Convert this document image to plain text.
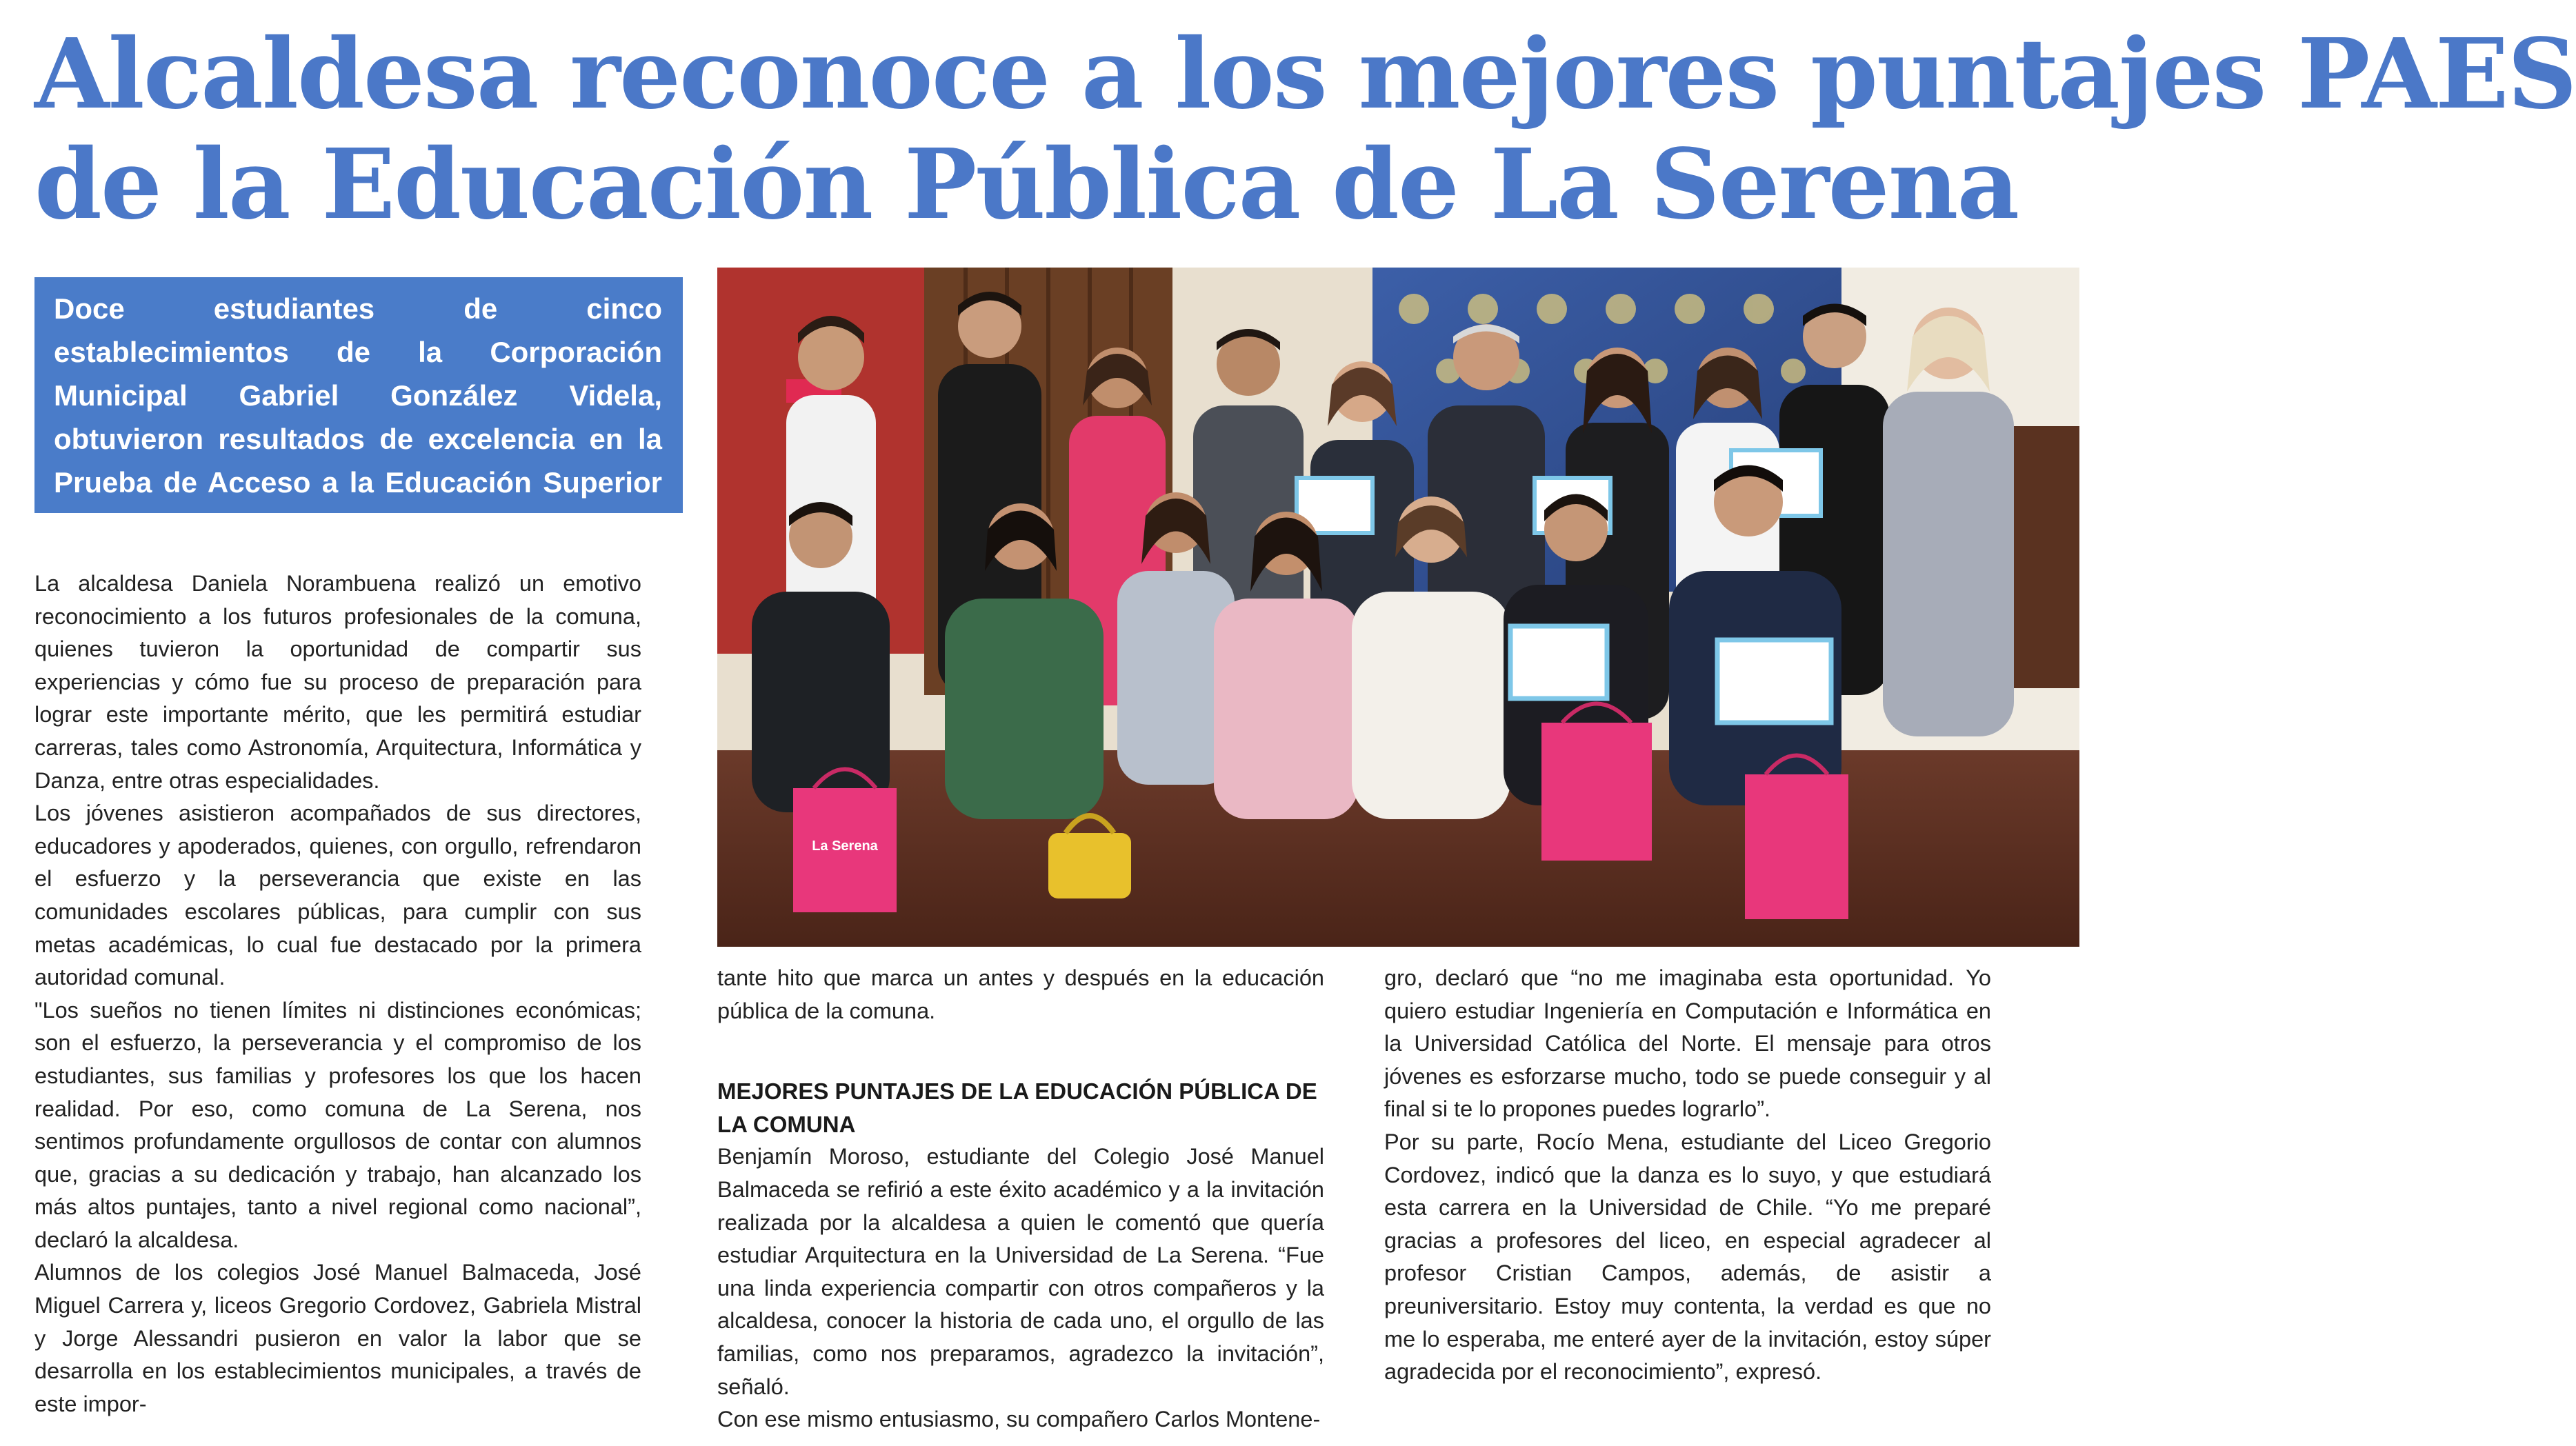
Alcaldesa reconoce a los mejores puntajes PAES
de la Educación Pública de La Serena

Doce estudiantes de cinco establecimientos de la Corporación Municipal Gabriel González Videla, obtuvieron resultados de excelencia en la Prueba de Acceso a la Educación Superior (PAES).

La Serena

La alcaldesa Daniela Norambuena realizó un emotivo reconocimiento a los futuros profesionales de la comuna, quienes tuvieron la oportunidad de compartir sus experiencias y cómo fue su proceso de preparación para lograr este importante mérito, que les permitirá estudiar carreras, tales como Astronomía, Arquitectura, Informática y Danza, entre otras especialidades.

Los jóvenes asistieron acompañados de sus directores, educadores y apoderados, quienes, con orgullo, refrendaron el esfuerzo y la perseverancia que existe en las comunidades escolares públicas, para cumplir con sus metas académicas, lo cual fue destacado por la primera autoridad comunal.

"Los sueños no tienen límites ni distinciones económicas; son el esfuerzo, la perseverancia y el compromiso de los estudiantes, sus familias y profesores los que los hacen realidad. Por eso, como comuna de La Serena, nos sentimos profundamente orgullosos de contar con alumnos que, gracias a su dedicación y trabajo, han alcanzado los más altos puntajes, tanto a nivel regional como nacional”, declaró la alcaldesa.

Alumnos de los colegios José Manuel Balmaceda, José Miguel Carrera y, liceos Gregorio Cordovez, Gabriela Mistral y Jorge Alessandri pusieron en valor la labor que se desarrolla en los establecimientos municipales, a través de este impor-

tante hito que marca un antes y después en la educación pública de la comuna.

MEJORES PUNTAJES DE LA EDUCACIÓN PÚBLICA DE LA COMUNA

Benjamín Moroso, estudiante del Colegio José Manuel Balmaceda se refirió a este éxito académico y a la invitación realizada por la alcaldesa a quien le comentó que quería estudiar Arquitectura en la Universidad de La Serena. “Fue una linda experiencia compartir con otros compañeros y la alcaldesa, conocer la historia de cada uno, el orgullo de las familias, como nos preparamos, agradezco la invitación”, señaló.

Con ese mismo entusiasmo, su compañero Carlos Montene-

gro, declaró que “no me imaginaba esta oportunidad. Yo quiero estudiar Ingeniería en Computación e Informática en la Universidad Católica del Norte. El mensaje para otros jóvenes es esforzarse mucho, todo se puede conseguir y al final si te lo propones puedes lograrlo”.

Por su parte, Rocío Mena, estudiante del Liceo Gregorio Cordovez, indicó que la danza es lo suyo, y que estudiará esta carrera en la Universidad de Chile. “Yo me preparé gracias a profesores del liceo, en especial agradecer al profesor Cristian Campos, además, de asistir a preuniversitario. Estoy muy contenta, la verdad es que no me lo esperaba, me enteré ayer de la invitación, estoy súper agradecida por el reconocimiento”, expresó.
